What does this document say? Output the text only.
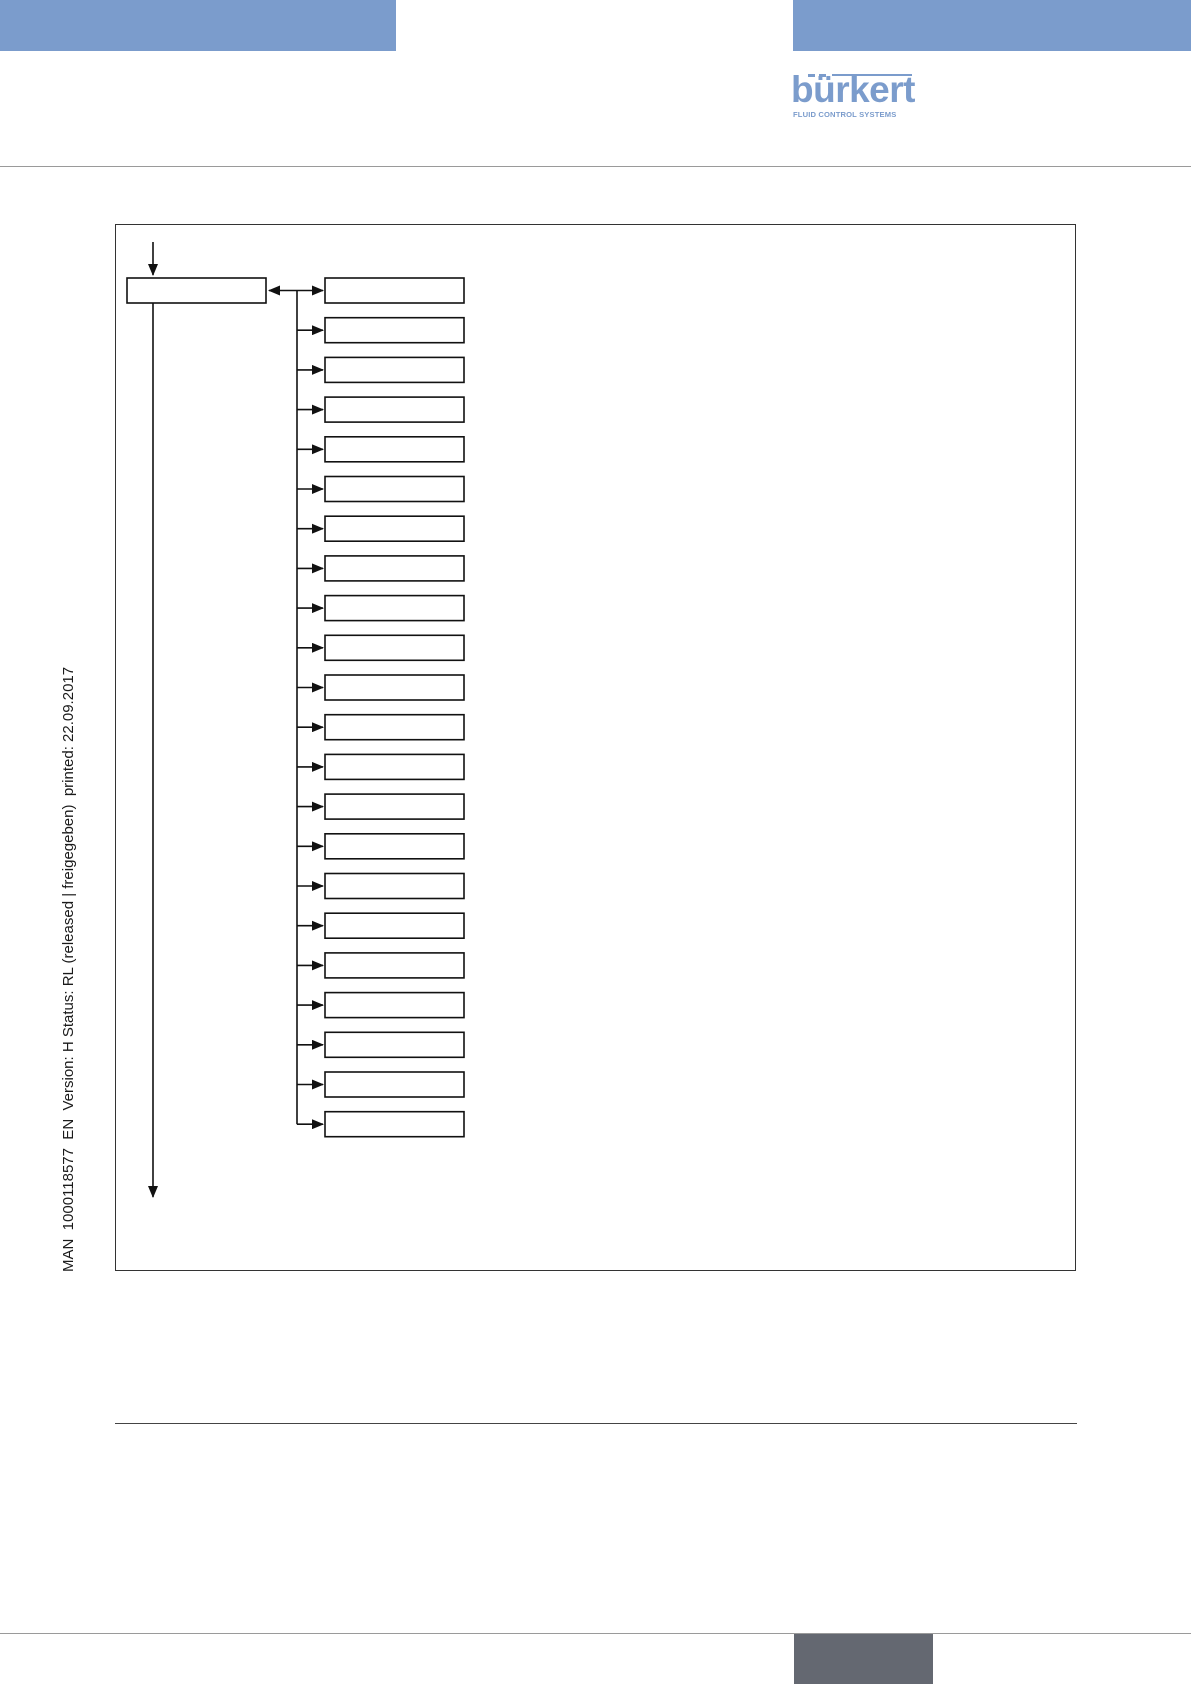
bürkert
FLUID CONTROL SYSTEMS
MAN  1000118577  EN  Version: H Status: RL (released | freigegeben)  printed: 22.09.2017
